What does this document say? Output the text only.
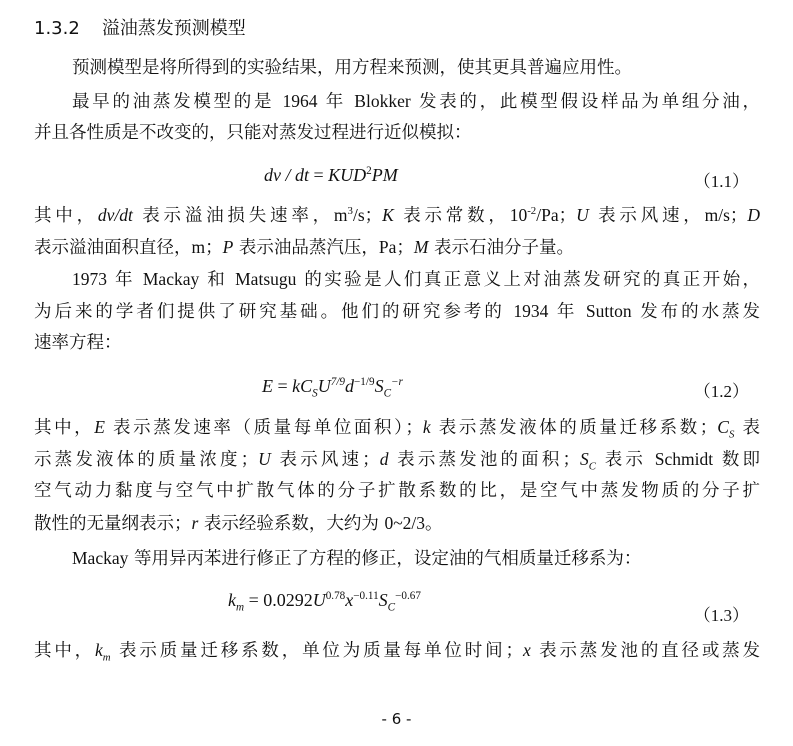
1.3.2 溢油蒸发预测模型
预测模型是将所得到的实验结果，用方程来预测，使其更具普遍应用性。
最早的油蒸发模型的是 1964 年 Blokker 发表的，此模型假设样品为单组分油，
并且各性质是不改变的，只能对蒸发过程进行近似模拟：
dv / dt = $KUD^2PM$	（1.1）
其中，dv/dt 表示溢油损失速率，$m^3/s$；K 表示常数，$10^{-2}/Pa$；U 表示风速，m/s；D
表示溢油面积直径，m；P 表示油品蒸汽压，Pa；M 表示石油分子量。
1973 年 Mackay 和 Matsugu 的实验是人们真正意义上对油蒸发研究的真正开始，
为后来的学者们提供了研究基础。他们的研究参考的 1934 年 Sutton 发布的水蒸发
速率方程：
$E = kC_SU^{7/9}d^{-1/9}S_C^{-r}$	（1.2）
其中，E 表示蒸发速率（质量每单位面积）；k 表示蒸发液体的质量迁移系数；$C_S$ 表
示蒸发液体的质量浓度；U 表示风速；d 表示蒸发池的面积；$S_C$ 表示 Schmidt 数即
空气动力黏度与空气中扩散气体的分子扩散系数的比，是空气中蒸发物质的分子扩
散性的无量纲表示；r 表示经验系数，大约为 0~2/3。
Mackay 等用异丙苯进行修正了方程的修正，设定油的气相质量迁移系为：
$k_m = 0.0292U^{0.78}x^{-0.11}S_C^{-0.67}$
（1.3）
其中，$k_m$ 表示质量迁移系数，单位为质量每单位时间；x 表示蒸发池的直径或蒸发
- 6 -
